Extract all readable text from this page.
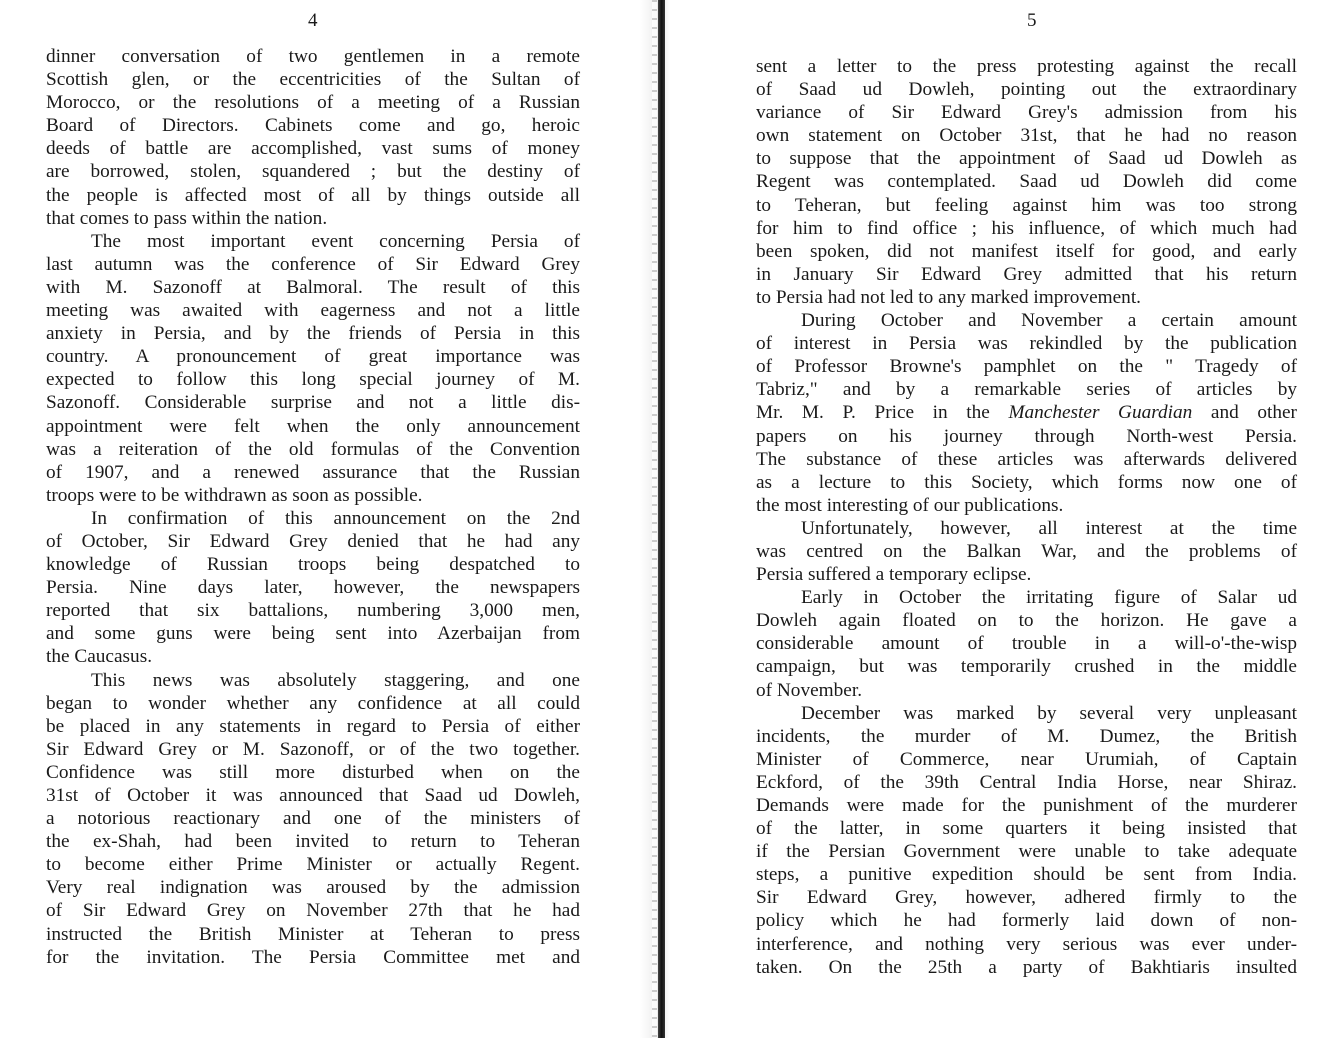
4
dinner conversation of two gentlemen in a remote
Scottish glen, or the eccentricities of the Sultan of
Morocco, or the resolutions of a meeting of a Russian
Board of Directors. Cabinets come and go, heroic
deeds of battle are accomplished, vast sums of money
are borrowed, stolen, squandered ; but the destiny of
the people is affected most of all by things outside all
that comes to pass within the nation.
The most important event concerning Persia of
last autumn was the conference of Sir Edward Grey
with M. Sazonoff at Balmoral. The result of this
meeting was awaited with eagerness and not a little
anxiety in Persia, and by the friends of Persia in this
country. A pronouncement of great importance was
expected to follow this long special journey of M.
Sazonoff. Considerable surprise and not a little dis-
appointment were felt when the only announcement
was a reiteration of the old formulas of the Convention
of 1907, and a renewed assurance that the Russian
troops were to be withdrawn as soon as possible.
In confirmation of this announcement on the 2nd
of October, Sir Edward Grey denied that he had any
knowledge of Russian troops being despatched to
Persia. Nine days later, however, the newspapers
reported that six battalions, numbering 3,000 men,
and some guns were being sent into Azerbaijan from
the Caucasus.
This news was absolutely staggering, and one
began to wonder whether any confidence at all could
be placed in any statements in regard to Persia of either
Sir Edward Grey or M. Sazonoff, or of the two together.
Confidence was still more disturbed when on the
31st of October it was announced that Saad ud Dowleh,
a notorious reactionary and one of the ministers of
the ex-Shah, had been invited to return to Teheran
to become either Prime Minister or actually Regent.
Very real indignation was aroused by the admission
of Sir Edward Grey on November 27th that he had
instructed the British Minister at Teheran to press
for the invitation. The Persia Committee met and
5
sent a letter to the press protesting against the recall
of Saad ud Dowleh, pointing out the extraordinary
variance of Sir Edward Grey's admission from his
own statement on October 31st, that he had no reason
to suppose that the appointment of Saad ud Dowleh as
Regent was contemplated. Saad ud Dowleh did come
to Teheran, but feeling against him was too strong
for him to find office ; his influence, of which much had
been spoken, did not manifest itself for good, and early
in January Sir Edward Grey admitted that his return
to Persia had not led to any marked improvement.
During October and November a certain amount
of interest in Persia was rekindled by the publication
of Professor Browne's pamphlet on the " Tragedy of
Tabriz," and by a remarkable series of articles by
Mr. M. P. Price in the Manchester Guardian and other
papers on his journey through North-west Persia.
The substance of these articles was afterwards delivered
as a lecture to this Society, which forms now one of
the most interesting of our publications.
Unfortunately, however, all interest at the time
was centred on the Balkan War, and the problems of
Persia suffered a temporary eclipse.
Early in October the irritating figure of Salar ud
Dowleh again floated on to the horizon. He gave a
considerable amount of trouble in a will-o'-the-wisp
campaign, but was temporarily crushed in the middle
of November.
December was marked by several very unpleasant
incidents, the murder of M. Dumez, the British
Minister of Commerce, near Urumiah, of Captain
Eckford, of the 39th Central India Horse, near Shiraz.
Demands were made for the punishment of the murderer
of the latter, in some quarters it being insisted that
if the Persian Government were unable to take adequate
steps, a punitive expedition should be sent from India.
Sir Edward Grey, however, adhered firmly to the
policy which he had formerly laid down of non-
interference, and nothing very serious was ever under-
taken. On the 25th a party of Bakhtiaris insulted
